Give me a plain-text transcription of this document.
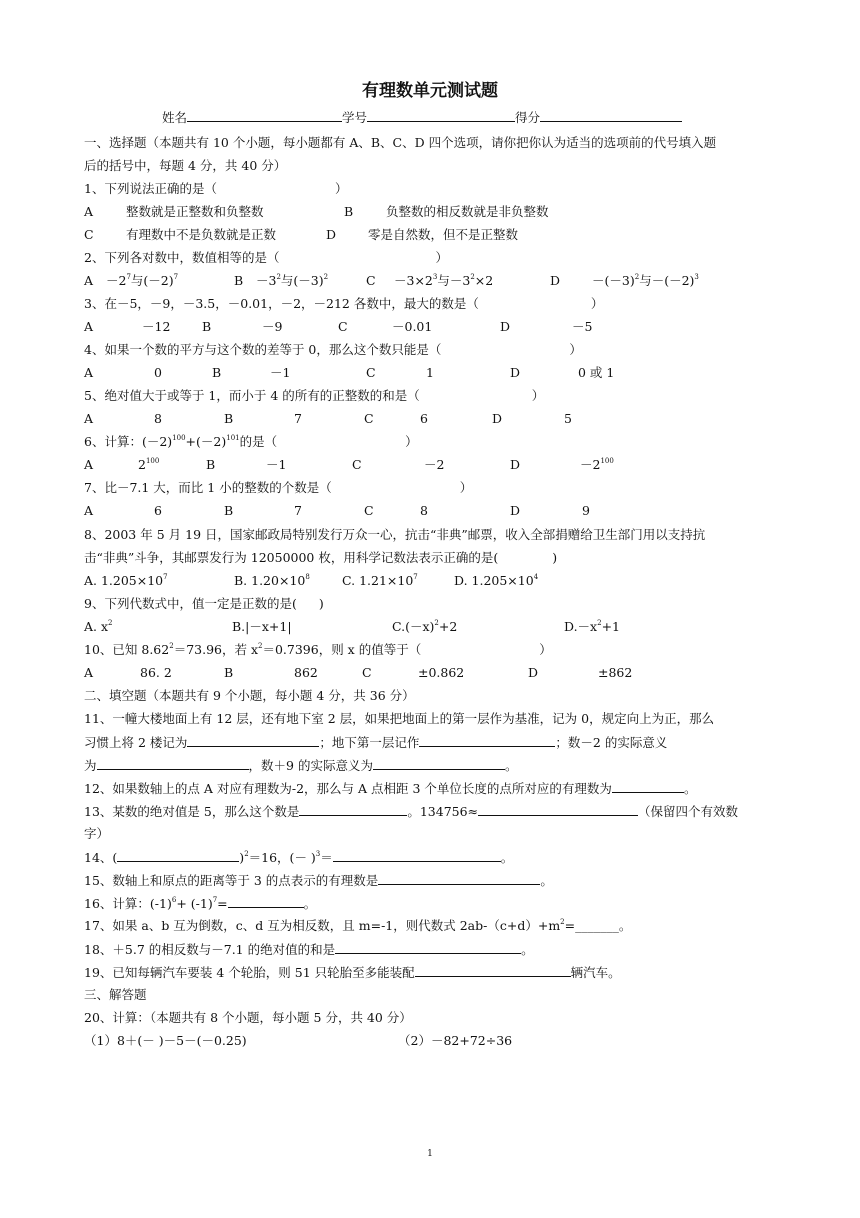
有理数单元测试题
姓名	学号	得分
一、选择题（本题共有 10 个小题，每小题都有 A、B、C、D 四个选项，请你把你认为适当的选项前的代号填入题
后的括号中，每题 4 分，共 40 分）
1、下列说法正确的是（	）
A	整数就是正整数和负整数	B	负整数的相反数就是非负整数
C	有理数中不是负数就是正数	D	零是自然数，但不是正整数
2、下列各对数中，数值相等的是（	）
$A -2^7$与$(-2)^7$	$B -3^2$与$(-3)^2$	$C -3\times 2^3$与$-3^2\times 2$	D	$-(-3)^2$与$-(-2)^3$
3、在－5，－9，－3.5，－0.01，－2，－212 各数中，最大的数是（	）
A	－12	B	－9	C	－0.01	D	－5
4、如果一个数的平方与这个数的差等于 0，那么这个数只能是（	）
A	0	B	－1	C	1	D	0 或 1
5、绝对值大于或等于 1，而小于 4 的所有的正整数的和是（	）
A	8	B	7	C	6	D	5
6、计算：$(-2)^{100}+(-2)^{101}$的是（	）
A	$2^{100}$	B	－1	C	－2	D	$-2^{100}$
7、比－7.1 大，而比 1 小的整数的个数是（	）
A	6	B	7	C	8	D	9
8、2003 年 5 月 19 日，国家邮政局特别发行万众一心，抗击“非典”邮票，收入全部捐赠给卫生部门用以支持抗
击“非典”斗争，其邮票发行为 12050000 枚，用科学记数法表示正确的是(	)
A. $1.205\times 10^7$	B. $1.20\times 10^8$	C. $1.21\times 10^7$	D. $1.205\times 10^4$
9、下列代数式中，值一定是正数的是( )
A. $x^2$	B.|－x+1|	$C.(-x)^2+2$	$D.-x^2+1$
10、已知 $8.62^2=73.96$，若 $x^2=0.7396$，则 x 的值等于（	）
A	86. 2	B	862	C	±0.862	D	±862
二、填空题（本题共有 9 个小题，每小题 4 分，共 36 分）
11、一幢大楼地面上有 12 层，还有地下室 2 层，如果把地面上的第一层作为基准，记为 0，规定向上为正，那么
习惯上将 2 楼记为	；地下第一层记作	；数－2 的实际意义
为	，数＋9 的实际意义为	。
12、如果数轴上的点 A 对应有理数为-2，那么与 A 点相距 3 个单位长度的点所对应的有理数为	。
13、某数的绝对值是 5，那么这个数是	。134756≈	（保留四个有效数
字）
14、(	)$^2$＝16，(－ )$^3$＝	。
15、数轴上和原点的距离等于 3 的点表示的有理数是	。
16、计算：$(-1)^6+ (-1)^7=$	。
17、如果 a、b 互为倒数，c、d 互为相反数，且 m=-1，则代数式 $2ab-(c+d)+m^2=\_\_\_\_\_\_\_$。
18、＋5.7 的相反数与－7.1 的绝对值的和是	。
19、已知每辆汽车要装 4 个轮胎，则 51 只轮胎至多能装配	辆汽车。
三、解答题
20、计算：（本题共有 8 个小题，每小题 5 分，共 40 分）
（1）8＋(－ )－5－(－0.25)	（2）－82+72÷36
1
